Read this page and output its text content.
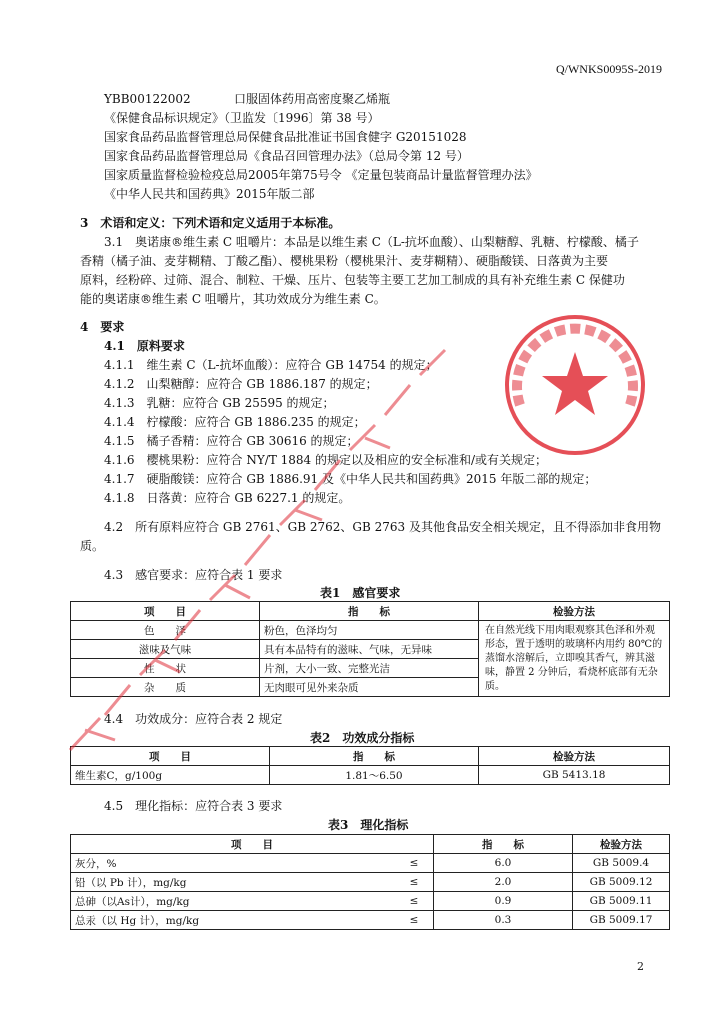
Q/WNKS0095S-2019
YBB00122002	口服固体药用高密度聚乙烯瓶
《保健食品标识规定》（卫监发〔1996〕第 38 号）
国家食品药品监督管理总局保健食品批准证书国食健字 G20151028
国家食品药品监督管理总局《食品召回管理办法》（总局令第 12 号）
国家质量监督检验检疫总局2005年第75号令 《定量包装商品计量监督管理办法》
《中华人民共和国药典》2015年版二部
3　术语和定义：下列术语和定义适用于本标准。
3.1　奥诺康®维生素 C 咀嚼片：本品是以维生素 C（L-抗坏血酸）、山梨糖醇、乳糖、柠檬酸、橘子
香精（橘子油、麦芽糊精、丁酸乙酯）、樱桃果粉（樱桃果汁、麦芽糊精）、硬脂酸镁、日落黄为主要
原料，经粉碎、过筛、混合、制粒、干燥、压片、包装等主要工艺加工制成的具有补充维生素 C 保健功
能的奥诺康®维生素 C 咀嚼片，其功效成分为维生素 C。
4　要求
4.1　原料要求
4.1.1　维生素 C（L-抗坏血酸）：应符合 GB 14754 的规定；
4.1.2　山梨糖醇：应符合 GB 1886.187 的规定；
4.1.3　乳糖：应符合 GB 25595 的规定；
4.1.4　柠檬酸：应符合 GB 1886.235 的规定；
4.1.5　橘子香精：应符合 GB 30616 的规定；
4.1.6　樱桃果粉：应符合 NY/T 1884 的规定以及相应的安全标准和/或有关规定；
4.1.7　硬脂酸镁：应符合 GB 1886.91 及《中华人民共和国药典》2015 年版二部的规定；
4.1.8　日落黄：应符合 GB 6227.1 的规定。
4.2　所有原料应符合 GB 2761、GB 2762、GB 2763 及其他食品安全相关规定，且不得添加非食用物
质。
4.3　感官要求：应符合表 1 要求
表1　感官要求
项　　目	指　　标	检验方法
色　　泽	粉色，色泽均匀	在自然光线下用肉眼观察其色泽和外观形态，置于透明的玻璃杯内用约 80℃的蒸馏水溶解后，立即嗅其香气，辨其滋味，静置 2 分钟后，看烧杯底部有无杂质。
滋味及气味	具有本品特有的滋味、气味，无异味	
性　　状	片剂，大小一致、完整光洁	
杂　　质	无肉眼可见外来杂质	
4.4　功效成分：应符合表 2 规定
表2　功效成分指标
项　　目	指　　标	检验方法
维生素C，g/100g	1.81～6.50	GB 5413.18
4.5　理化指标：应符合表 3 要求
表3　理化指标
项　　目		指　　标	检验方法
灰分，%	≤	6.0	GB 5009.4
铅（以 Pb 计），mg/kg	≤	2.0	GB 5009.12
总砷（以As计），mg/kg	≤	0.9	GB 5009.11
总汞（以 Hg 计），mg/kg	≤	0.3	GB 5009.17
2
